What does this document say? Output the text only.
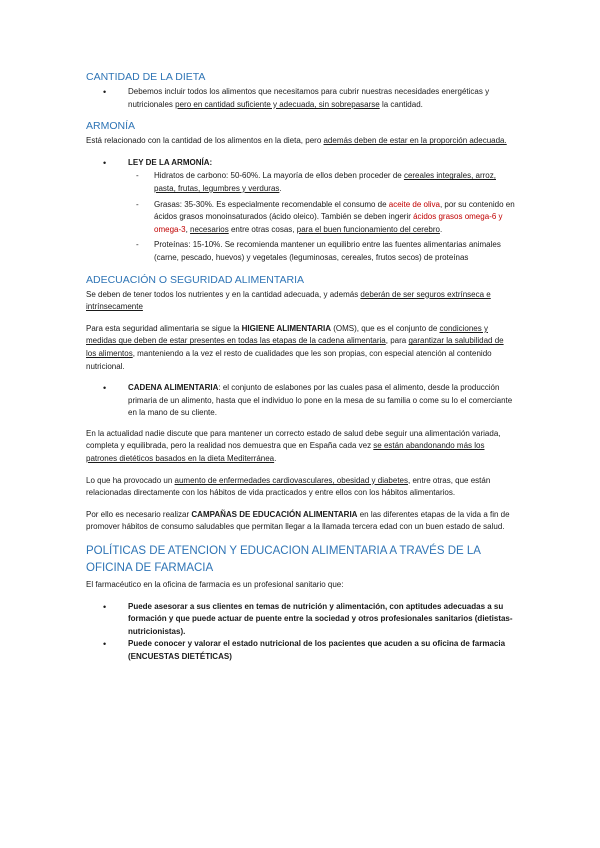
CANTIDAD DE LA DIETA
• Debemos incluir todos los alimentos que necesitamos para cubrir nuestras necesidades energéticas y nutricionales pero en cantidad suficiente y adecuada, sin sobrepasarse la cantidad.
ARMONÍA

Está relacionado con la cantidad de los alimentos en la dieta, pero además deben de estar en la proporción adecuada.

• LEY DE LA ARMONÍA:
- Hidratos de carbono: 50-60%. La mayoría de ellos deben proceder de cereales integrales, arroz, pasta, frutas, legumbres y verduras.
- Grasas: 35-30%. Es especialmente recomendable el consumo de aceite de oliva, por su contenido en ácidos grasos monoinsaturados (ácido oleico). También se deben ingerir ácidos grasos omega-6 y omega-3, necesarios entre otras cosas, para el buen funcionamiento del cerebro.
- Proteínas: 15-10%. Se recomienda mantener un equilibrio entre las fuentes alimentarias animales (carne, pescado, huevos) y vegetales (leguminosas, cereales, frutos secos) de proteínas
ADECUACIÓN O SEGURIDAD ALIMENTARIA

Se deben de tener todos los nutrientes y en la cantidad adecuada, y además deberán de ser seguros extrínseca e intrínsecamente

Para esta seguridad alimentaria se sigue la HIGIENE ALIMENTARIA (OMS), que es el conjunto de condiciones y medidas que deben de estar presentes en todas las etapas de la cadena alimentaria, para garantizar la salubilidad de los alimentos, manteniendo a la vez el resto de cualidades que les son propias, con especial atención al contenido nutricional.

• CADENA ALIMENTARIA: el conjunto de eslabones por las cuales pasa el alimento, desde la producción primaria de un alimento, hasta que el individuo lo pone en la mesa de su familia o come su lo el comerciante en la mano de su cliente.

En la actualidad nadie discute que para mantener un correcto estado de salud debe seguir una alimentación variada, completa y equilibrada, pero la realidad nos demuestra que en España cada vez se están abandonando más los patrones dietéticos basados en la dieta Mediterránea.

Lo que ha provocado un aumento de enfermedades cardiovasculares, obesidad y diabetes, entre otras, que están relacionadas directamente con los hábitos de vida practicados y entre ellos con los hábitos alimentarios.

Por ello es necesario realizar CAMPAÑAS DE EDUCACIÓN ALIMENTARIA en las diferentes etapas de la vida a fin de promover hábitos de consumo saludables que permitan llegar a la llamada tercera edad con un buen estado de salud.

POLÍTICAS DE ATENCION Y EDUCACION ALIMENTARIA A TRAVÉS DE LA OFICINA DE FARMACIA

El farmacéutico en la oficina de farmacia es un profesional sanitario que:

• Puede asesorar a sus clientes en temas de nutrición y alimentación, con aptitudes adecuadas a su formación y que puede actuar de puente entre la sociedad y otros profesionales sanitarios (dietistas-nutricionistas).
• Puede conocer y valorar el estado nutricional de los pacientes que acuden a su oficina de farmacia (ENCUESTAS DIETÉTICAS)
